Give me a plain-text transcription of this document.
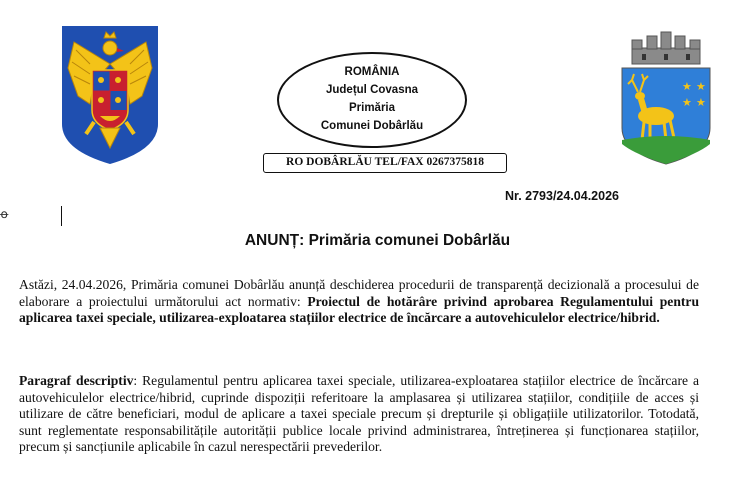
ROMÂNIA
Județul Covasna
Primăria
Comunei Dobârlău
RO DOBÂRLĂU TEL/FAX 0267375818
★ ★
★ ★
Nr. 2793/24.04.2026
ꝋ
ANUNȚ: Primăria comunei Dobârlău

Astăzi, 24.04.2026, Primăria comunei Dobârlău anunță deschiderea procedurii de transparență decizională a procesului de elaborare a proiectului următorului act normativ: Proiectul de hotărâre privind aprobarea Regulamentului pentru aplicarea taxei speciale, utilizarea-exploatarea stațiilor electrice de încărcare a autovehiculelor electrice/hibrid.

Paragraf descriptiv: Regulamentul pentru aplicarea taxei speciale, utilizarea-exploatarea stațiilor electrice de încărcare a autovehiculelor electrice/hibrid, cuprinde dispoziții referitoare la amplasarea și utilizarea stațiilor, condițiile de acces și utilizare de către beneficiari, modul de aplicare a taxei speciale precum și drepturile și obligațiile utilizatorilor. Totodată, sunt reglementate responsabilitățile autorității publice locale privind administrarea, întreținerea și funcționarea stațiilor, precum și sancțiunile aplicabile în cazul nerespectării prevederilor.
